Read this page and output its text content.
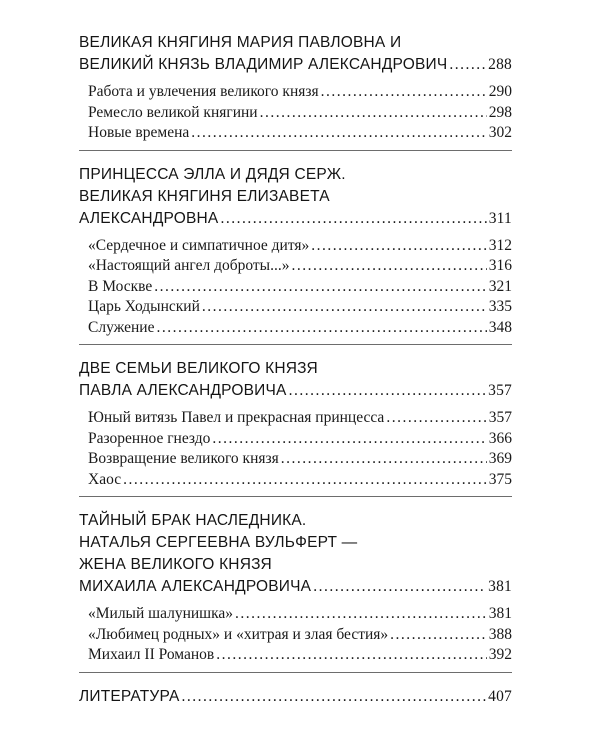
ВЕЛИКАЯ КНЯГИНЯ МАРИЯ ПАВЛОВНА И
ВЕЛИКИЙ КНЯЗЬ ВЛАДИМИР АЛЕКСАНДРОВИЧ .....	288
Работа и увлечения великого князя .....	290
Ремесло великой княгини .....	298
Новые времена .....	302
ПРИНЦЕССА ЭЛЛА И ДЯДЯ СЕРЖ.
ВЕЛИКАЯ КНЯГИНЯ ЕЛИЗАВЕТА
АЛЕКСАНДРОВНА .....	311
«Сердечное и симпатичное дитя» .....	312
«Настоящий ангел доброты...» .....	316
В Москве .....	321
Царь Ходынский .....	335
Служение .....	348
ДВЕ СЕМЬИ ВЕЛИКОГО КНЯЗЯ
ПАВЛА АЛЕКСАНДРОВИЧА .....	357
Юный витязь Павел и прекрасная принцесса .....	357
Разоренное гнездо .....	366
Возвращение великого князя .....	369
Хаос .....	375
ТАЙНЫЙ БРАК НАСЛЕДНИКА.
НАТАЛЬЯ СЕРГЕЕВНА ВУЛЬФЕРТ —
ЖЕНА ВЕЛИКОГО КНЯЗЯ
МИХАИЛА АЛЕКСАНДРОВИЧА .....	381
«Милый шалунишка» .....	381
«Любимец родных» и «хитрая и злая бестия» .....	388
Михаил II Романов .....	392
ЛИТЕРАТУРА .....	407
